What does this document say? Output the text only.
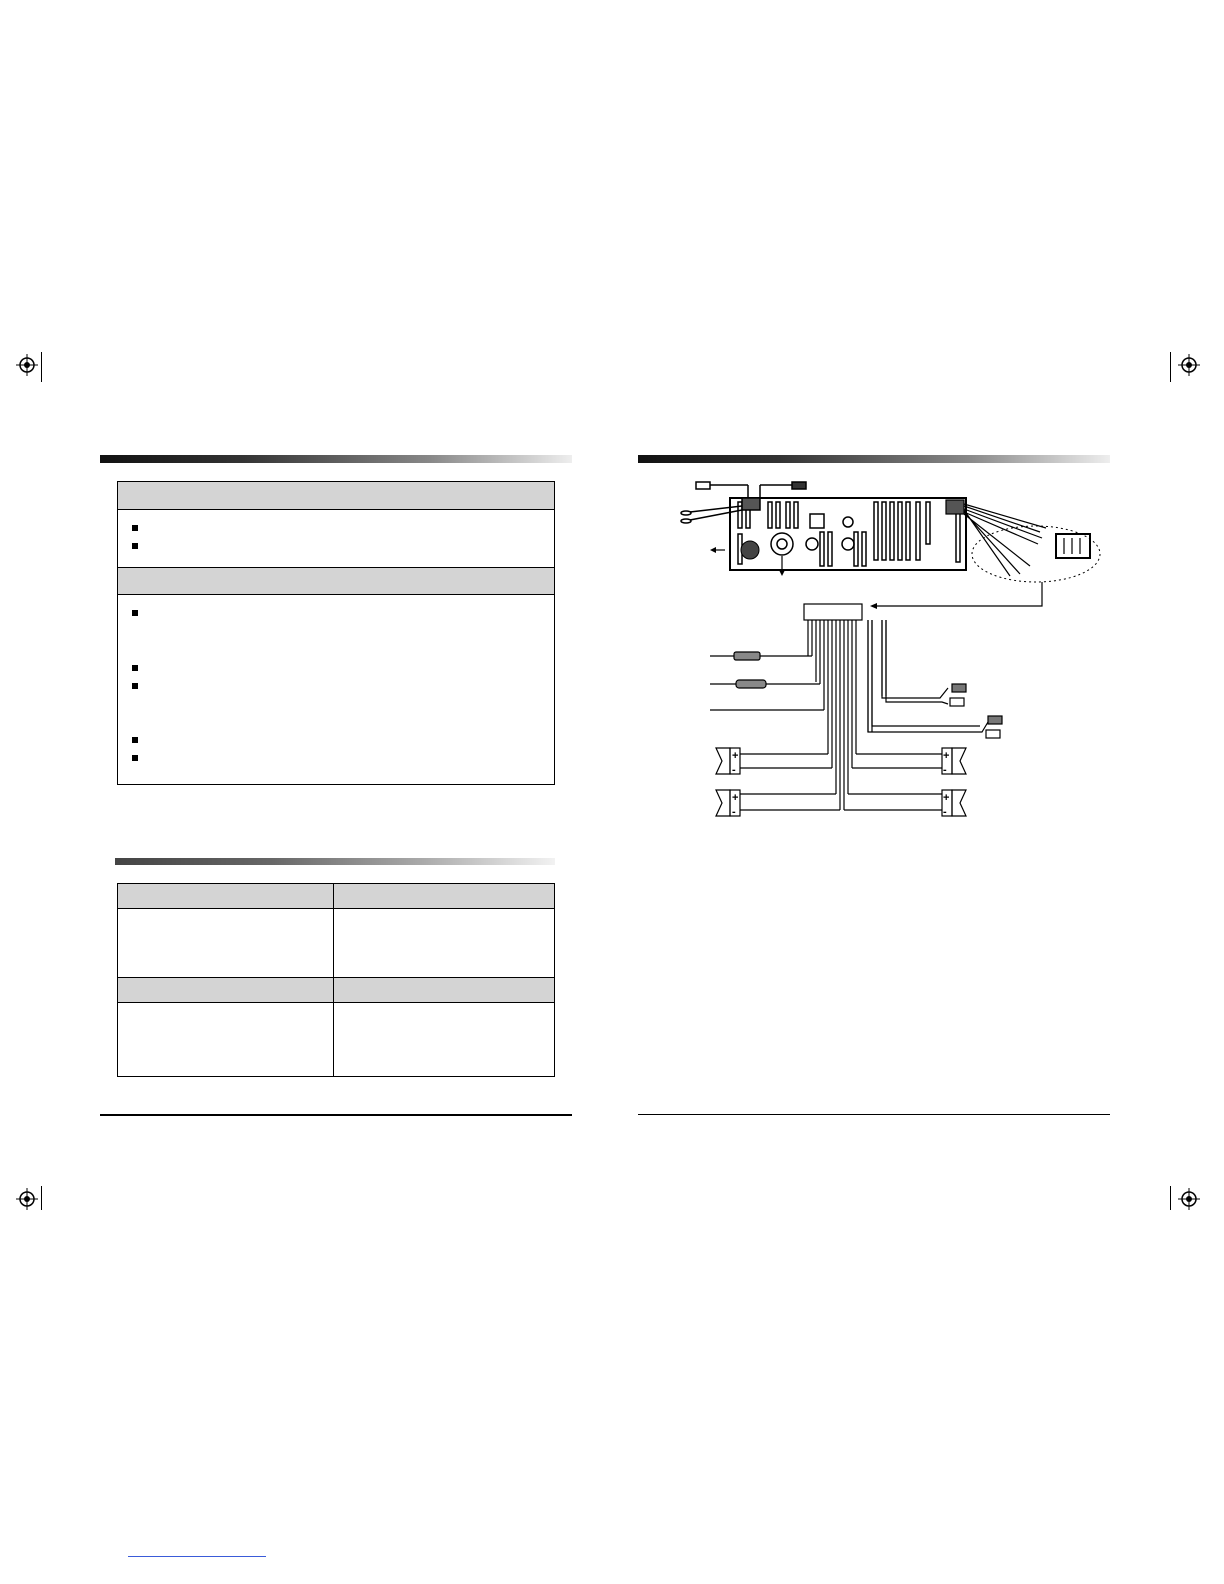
+
-
+
-
+
-
+
-
